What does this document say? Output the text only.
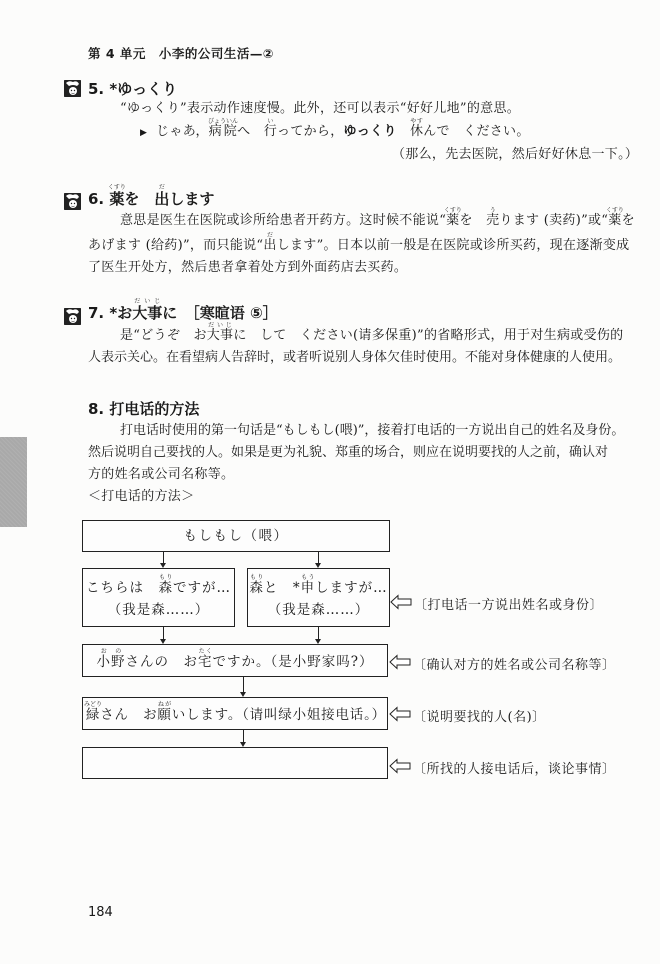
第 4 单元　小李的公司生活—②
5. *ゆっくり
“ゆっくり”表示动作速度慢。此外，还可以表示“好好儿地”的意思。
▶ じゃあ，病院びょういんへ　行いってから，ゆっくり　 休やすんで　ください。
（那么，先去医院，然后好好休息一下。）
6. 薬くすりを　出だします
意思是医生在医院或诊所给患者开药方。这时候不能说“薬くすりを　売うります (卖药)”或“薬くすりを
あげます (给药)”，而只能说“出だします”。日本以前一般是在医院或诊所买药，现在逐渐变成
了医生开处方，然后患者拿着处方到外面药店去买药。
7. *お大事だいじに　［寒暄语 ⑤］
是“どうぞ　お大事だいじに　して　ください(请多保重)”的省略形式，用于对生病或受伤的
人表示关心。在看望病人告辞时，或者听说别人身体欠佳时使用。不能对身体健康的人使用。
8. 打电话的方法
打电话时使用的第一句话是“もしもし(喂)”，接着打电话的一方说出自己的姓名及身份。
然后说明自己要找的人。如果是更为礼貌、郑重的场合，则应在说明要找的人之前，确认对
方的姓名或公司名称等。
＜打电话的方法＞
もしもし（喂）
こちらは　森もりですが…
（我是森……）
森もりと　*申もうしますが…
（我是森……）
小野おのさんの　お宅たくですか。（是小野家吗?）
緑みどりさん　お願ねがいします。（请叫绿小姐接电话。）
〔打电话一方说出姓名或身份〕
〔确认对方的姓名或公司名称等〕
〔说明要找的人(名)〕
〔所找的人接电话后，谈论事情〕
184
